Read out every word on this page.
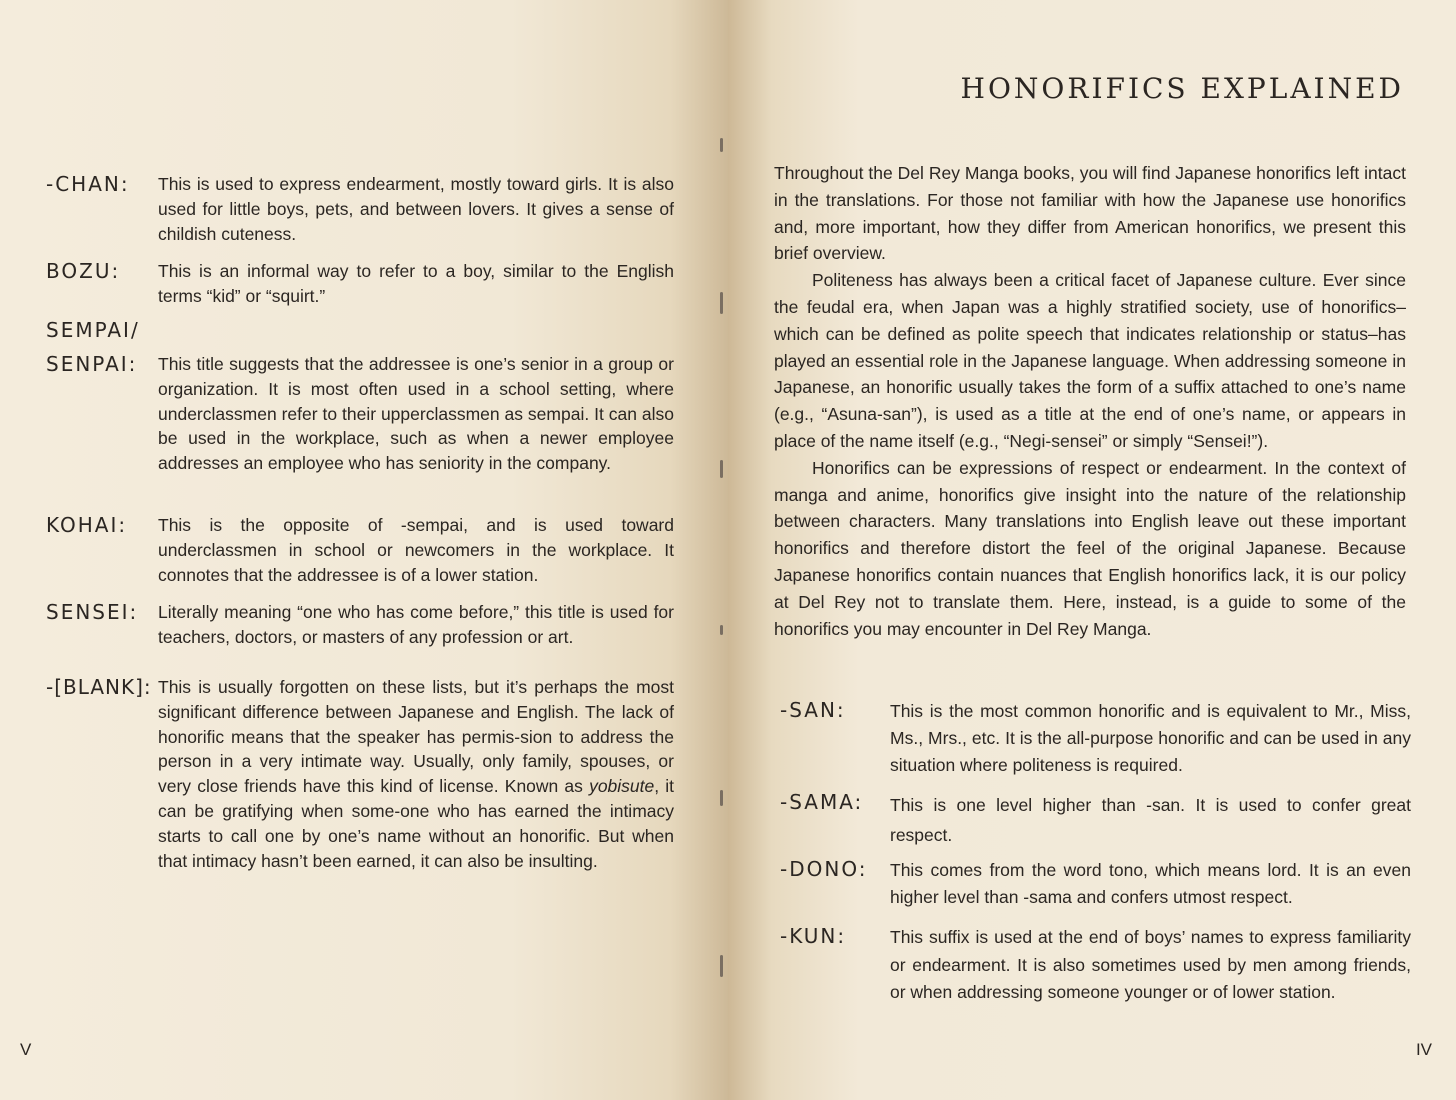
-CHAN: This is used to express endearment, mostly toward girls. It is also used for little boys, pets, and between lovers. It gives a sense of childish cuteness.
BOZU: This is an informal way to refer to a boy, similar to the English terms “kid” or “squirt.”
SEMPAI/
SENPAI: This title suggests that the addressee is one’s senior in a group or organization. It is most often used in a school setting, where underclassmen refer to their upperclassmen as sempai. It can also be used in the workplace, such as when a newer employee addresses an employee who has seniority in the company.
KOHAI: This is the opposite of -sempai, and is used toward underclassmen in school or newcomers in the workplace. It connotes that the addressee is of a lower station.
SENSEI: Literally meaning “one who has come before,” this title is used for teachers, doctors, or masters of any profession or art.
-[BLANK]: This is usually forgotten on these lists, but it’s perhaps the most significant difference between Japanese and English. The lack of honorific means that the speaker has permis-sion to address the person in a very intimate way. Usually, only family, spouses, or very close friends have this kind of license. Known as yobisute, it can be gratifying when some-one who has earned the intimacy starts to call one by one’s name without an honorific. But when that intimacy hasn’t been earned, it can also be insulting.
V
HONORIFICS EXPLAINED

Throughout the Del Rey Manga books, you will find Japanese honorifics left intact in the translations. For those not familiar with how the Japanese use honorifics and, more important, how they differ from American honorifics, we present this brief overview.

Politeness has always been a critical facet of Japanese culture. Ever since the feudal era, when Japan was a highly stratified society, use of honorifics–which can be defined as polite speech that indicates relationship or status–has played an essential role in the Japanese language. When addressing someone in Japanese, an honorific usually takes the form of a suffix attached to one’s name (e.g., “Asuna-san”), is used as a title at the end of one’s name, or appears in place of the name itself (e.g., “Negi-sensei” or simply “Sensei!”).

Honorifics can be expressions of respect or endearment. In the context of manga and anime, honorifics give insight into the nature of the relationship between characters. Many translations into English leave out these important honorifics and therefore distort the feel of the original Japanese. Because Japanese honorifics contain nuances that English honorifics lack, it is our policy at Del Rey not to translate them. Here, instead, is a guide to some of the honorifics you may encounter in Del Rey Manga.

-SAN:	This is the most common honorific and is equivalent to Mr., Miss, Ms., Mrs., etc. It is the all-purpose honorific and can be used in any situation where politeness is required.
-SAMA: This is one level higher than -san. It is used to confer great respect.
-DONO: This comes from the word tono, which means lord. It is an even higher level than -sama and confers utmost respect.
-KUN:	This suffix is used at the end of boys’ names to express familiarity or endearment. It is also sometimes used by men among friends, or when addressing someone younger or of lower station.
IV
